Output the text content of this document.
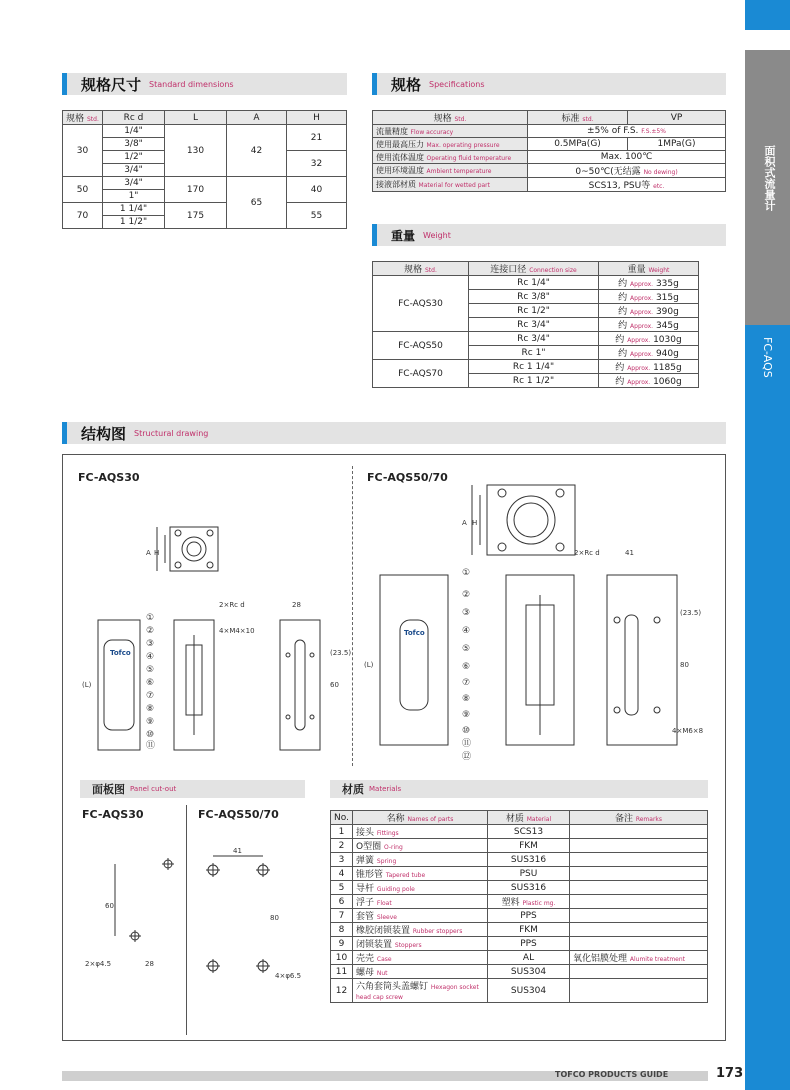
面积式流量计
FC-AQS
规格尺寸 Standard dimensions
规格 Std.	Rc d	L	A	H
30	1/4"	130	42	21
	3/8"			
	1/2"			32
	3/4"			
50	3/4"	170	65	40
	1"			
70	1 1/4"	175		55
	1 1/2"			
规格 Specifications
规格 Std.	标准 std.	VP
流量精度 Flow accuracy	±5% of F.S. F.S.±5%	
使用最高压力 Max. operating pressure	0.5MPa(G)	1MPa(G)
使用流体温度 Operating fluid temperature	Max. 100℃	
使用环境温度 Ambient temperature	0~50℃(无结露 No dewing)	
接液部材质 Material for wetted part	SCS13, PSU等 etc.	
重量 Weight
规格 Std.	连接口径 Connection size	重量 Weight
FC-AQS30	Rc 1/4"	约 Approx. 335g
	Rc 3/8"	约 Approx. 315g
	Rc 1/2"	约 Approx. 390g
	Rc 3/4"	约 Approx. 345g
FC-AQS50	Rc 3/4"	约 Approx. 1030g
	Rc 1"	约 Approx. 940g
FC-AQS70	Rc 1 1/4"	约 Approx. 1185g
	Rc 1 1/2"	约 Approx. 1060g
结构图 Structural drawing
FC-AQS30	FC-AQS50/70
2×Rc d
4×M4×10
28
(23.5)
60
(L)
A H
Tofco
2×Rc d	41
(23.5)
80
4×M6×8
(L)
A H
Tofco
①
②
③
④
⑤
⑥
⑦
⑧
⑨
⑩
⑪
①
②
③
④
⑤
⑥
⑦
⑧
⑨
⑩
⑪
⑫
面板图 Panel cut-out
FC-AQS30	FC-AQS50/70
60
2×φ4.5	28
41
80
4×φ6.5
材质 Materials
No.	名称 Names of parts	材质 Material	备注 Remarks
1	接头 Fittings	SCS13	
2	O型圈 O-ring	FKM	
3	弹簧 Spring	SUS316	
4	锥形管 Tapered tube	PSU	
5	导杆 Guiding pole	SUS316	
6	浮子 Float	塑料 Plastic mg.	
7	套管 Sleeve	PPS	
8	橡胶闭锁装置 Rubber stoppers	FKM	
9	闭锁装置 Stoppers	PPS	
10	壳壳 Case	AL	氧化铝膜处理 Alumite treatment
11	螺母 Nut	SUS304	
12	六角套筒头盖螺钉 Hexagon socket head cap screw	SUS304	
TOFCO PRODUCTS GUIDE	173
